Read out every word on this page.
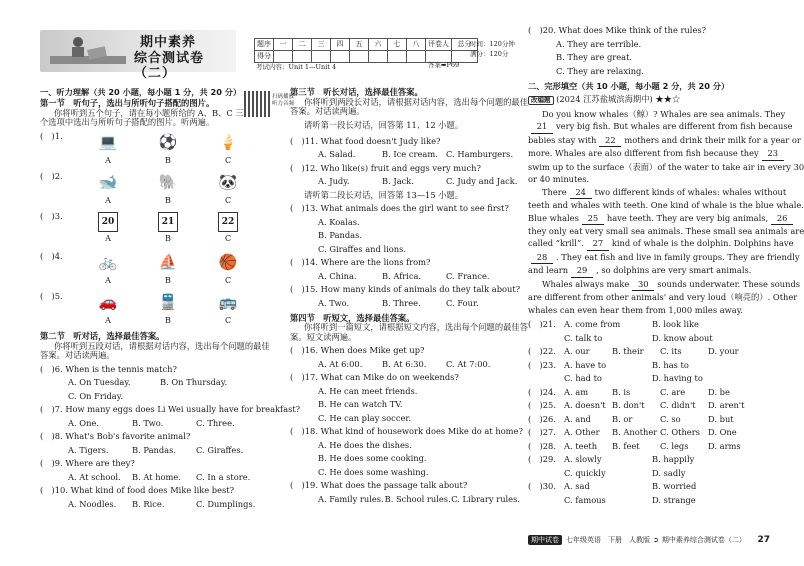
期中素养
综合测试卷（二）
题序	一	二	三	四	五	六	七	八	评卷人	总分
得分										
考试内容：Unit 1—Unit 4
时间：120分钟
满分：120分
答案➡P69
扫码播放听力音频
一、听力理解（共 20 小题，每小题 1 分，共 20 分）
第一节　听句子，选出与所听句子搭配的图片。
你将听到五个句子，请在每小题所给的 A、B、C 三
个选项中选出与所听句子搭配的图片。听两遍。
(　)1.	💻
A
⚽
B
🍦
C
(　)2.	🐋
A
🐘
B
🐼
C
(　)3.
20
A
21
B
22
C
(　)4.	🚲
A
⛵
B
🏀
C
(　)5.	🚗
A
🚆
B
🚌
C
第二节　听对话，选择最佳答案。
你将听到五段对话，请根据对话内容，选出每个问题的最佳
答案。对话读两遍。
(　)6. When is the tennis match?
A. On Tuesday.	B. On Thursday.
C. On Friday.
(　)7. How many eggs does Li Wei usually have for breakfast?
A. One.	B. Two.	C. Three.
(　)8. What's Bob's favorite animal?
A. Tigers.	B. Pandas.	C. Giraffes.
(　)9. Where are they?
A. At school.	B. At home.	C. In a store.
(　)10. What kind of food does Mike like best?
A. Noodles.	B. Rice.	C. Dumplings.
第三节　听长对话，选择最佳答案。
你将听到两段长对话，请根据对话内容，选出每个问题的最佳
答案。对话读两遍。
请听第一段长对话，回答第 11、12 小题。
(　)11. What food doesn't Judy like?
A. Salad.	B. Ice cream. C. Hamburgers.
(　)12. Who like(s) fruit and eggs very much?
A. Judy.	B. Jack.	C. Judy and Jack.
请听第二段长对话，回答第 13—15 小题。
(　)13. What animals does the girl want to see first?
A. Koalas.
B. Pandas.
C. Giraffes and lions.
(　)14. Where are the lions from?
A. China.	B. Africa.	C. France.
(　)15. How many kinds of animals do they talk about?
A. Two.	B. Three.	C. Four.
第四节　听短文，选择最佳答案。
你将听到一篇短文，请根据短文内容，选出每个问题的最佳答
案。短文读两遍。
(　)16. When does Mike get up?
A. At 6:00.	B. At 6:30.	C. At 7:00.
(　)17. What can Mike do on weekends?
A. He can meet friends.
B. He can watch TV.
C. He can play soccer.
(　)18. What kind of housework does Mike do at home?
A. He does the dishes.
B. He does some cooking.
C. He does some washing.
(　)19. What does the passage talk about?
A. Family rules. B. School rules. C. Library rules.
(　)20. What does Mike think of the rules?
A. They are terrible.
B. They are great.
C. They are relaxing.
二、完形填空（共 10 小题，每小题 2 分，共 20 分）
改编题 (2024 江苏盐城滨海期中) ★★☆
Do you know whales（鲸）? Whales are sea animals. They
21 very big fish. But whales are different from fish because
babies stay with 22 mothers and drink their milk for a year or
more. Whales are also different from fish because they 23
swim up to the surface（表面）of the water to take air in every 30
or 40 minutes.
There 24 two different kinds of whales: whales without
teeth and whales with teeth. One kind of whale is the blue whale.
Blue whales 25 have teeth. They are very big animals, 26
they only eat very small sea animals. These small sea animals are
called “krill”. 27 kind of whale is the dolphin. Dolphins have
28 . They eat fish and live in family groups. They are friendly
and learn 29 , so dolphins are very smart animals.
Whales always make 30 sounds underwater. These sounds
are different from other animals' and very loud（响亮的）. Other
whales can even hear them from 1,000 miles away.
(　)21. A. come from	B. look like
C. talk to	D. know about
(　)22. A. our	B. their	C. its	D. your
(　)23. A. have to	B. has to
C. had to	D. having to
(　)24. A. am	B. is	C. are	D. be
(　)25. A. doesn't B. don't	C. didn't	D. aren't
(　)26. A. and	B. or	C. so	D. but
(　)27. A. Other	B. Another C. Others D. One
(　)28. A. teeth	B. feet	C. legs	D. arms
(　)29. A. slowly	B. happily
C. quickly	D. sadly
(　)30. A. sad	B. worried
C. famous	D. strange
期中试卷	七年级英语　下册　人教版 ➲ 期中素养综合测试卷（二） 27
